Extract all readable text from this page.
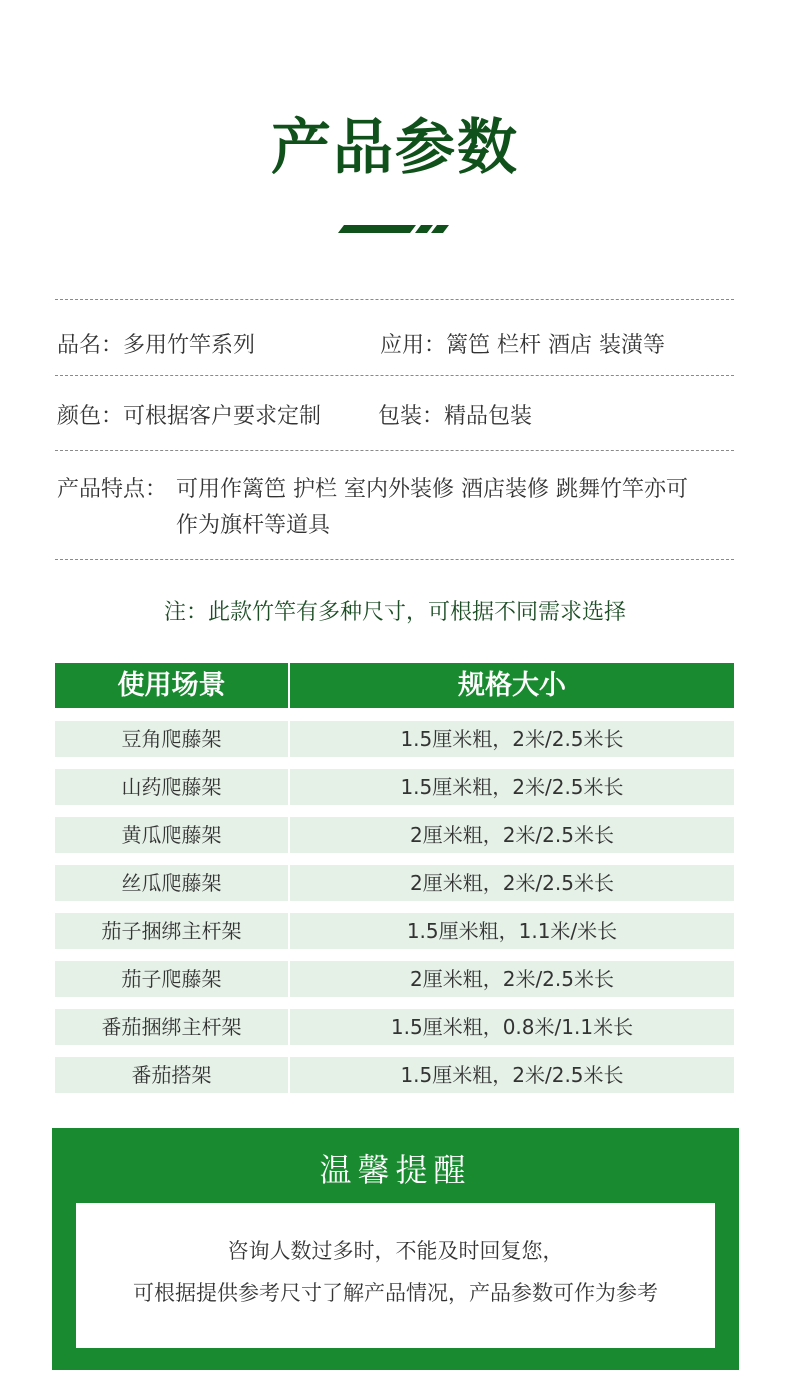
产品参数
品名：多用竹竿系列	应用：篱笆 栏杆 酒店 装潢等
颜色：可根据客户要求定制	包装：精品包装
产品特点： 可用作篱笆 护栏 室内外装修 酒店装修 跳舞竹竿亦可
作为旗杆等道具
注：此款竹竿有多种尺寸，可根据不同需求选择
使用场景	规格大小
豆角爬藤架	1.5厘米粗，2米/2.5米长
山药爬藤架	1.5厘米粗，2米/2.5米长
黄瓜爬藤架	2厘米粗，2米/2.5米长
丝瓜爬藤架	2厘米粗，2米/2.5米长
茄子捆绑主杆架	1.5厘米粗，1.1米/米长
茄子爬藤架	2厘米粗，2米/2.5米长
番茄捆绑主杆架	1.5厘米粗，0.8米/1.1米长
番茄搭架	1.5厘米粗，2米/2.5米长
温馨提醒
咨询人数过多时，不能及时回复您，
可根据提供参考尺寸了解产品情况，产品参数可作为参考
